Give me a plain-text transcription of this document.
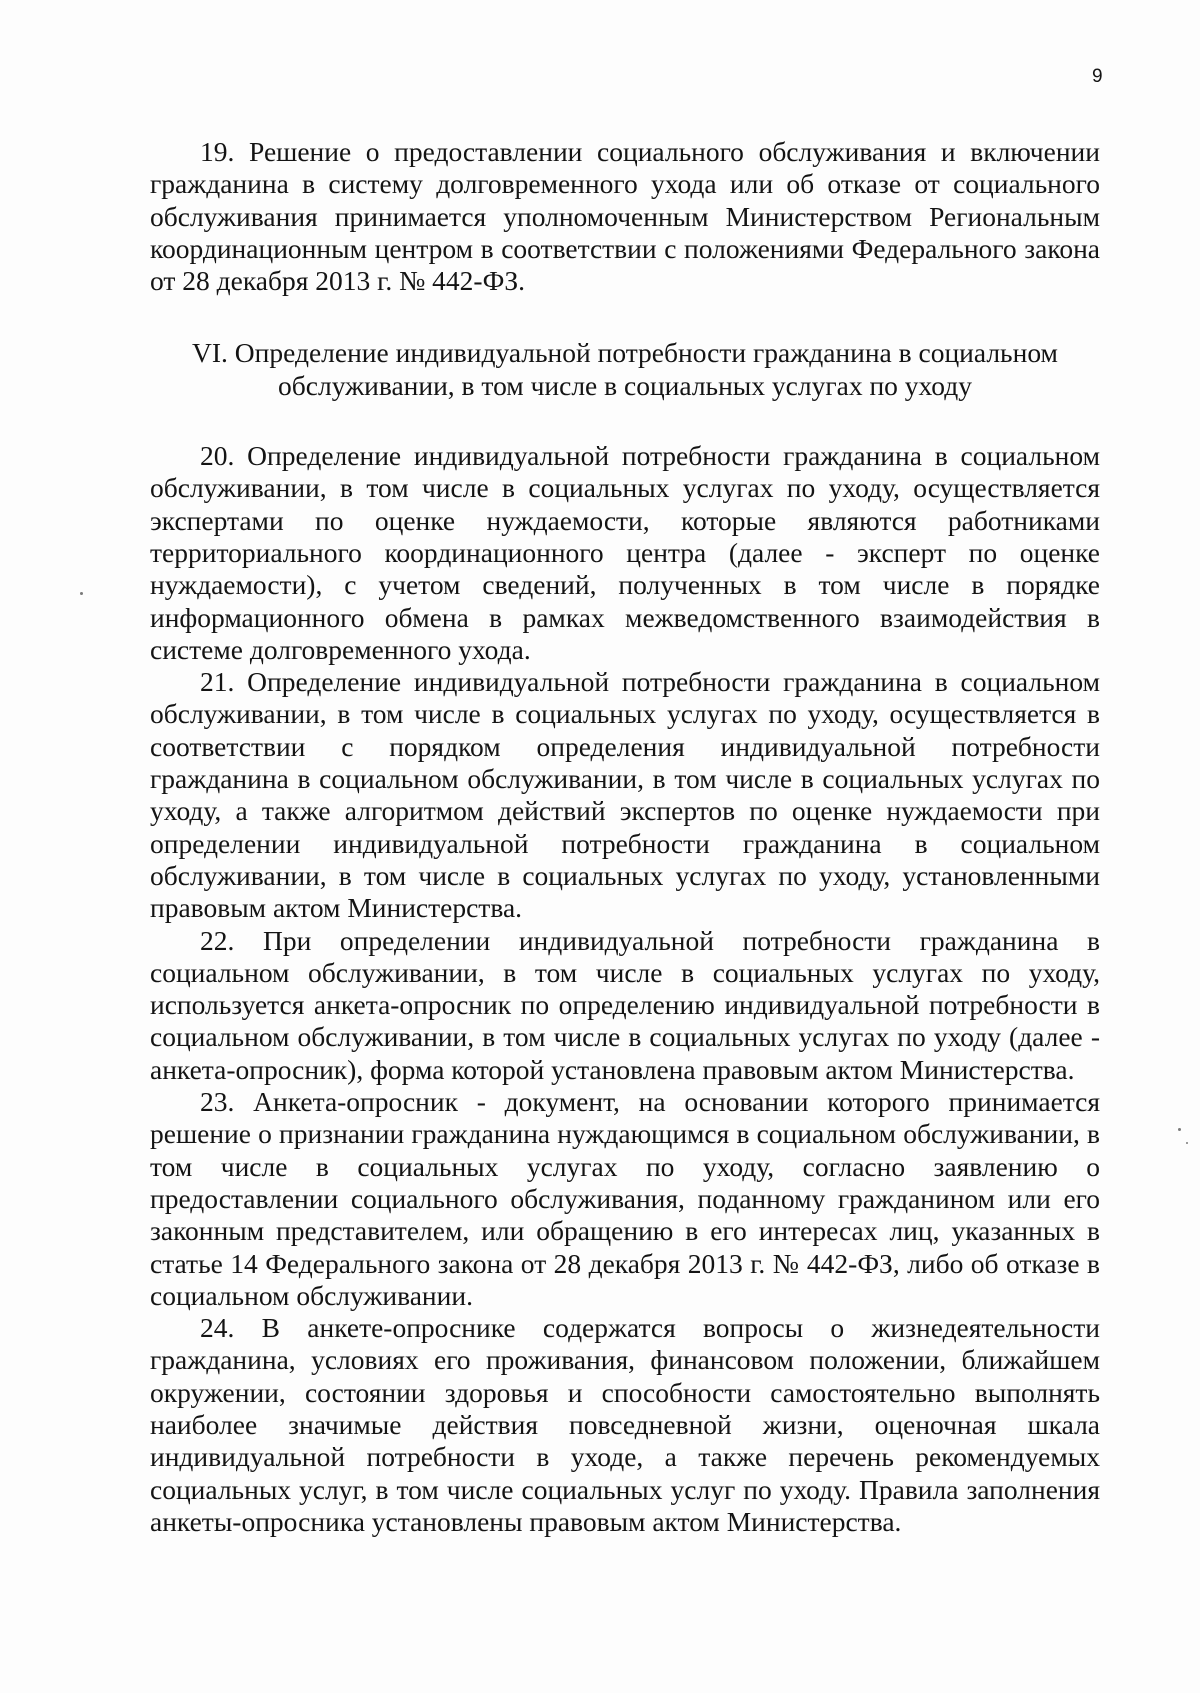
9

19. Решение о предоставлении социального обслуживания и включении гражданина в систему долговременного ухода или об отказе от социального обслуживания принимается уполномоченным Министерством Региональным координационным центром в соответствии с положениями Федерального закона от 28 декабря 2013 г. № 442-ФЗ.

VI. Определение индивидуальной потребности гражданина в социальном
обслуживании, в том числе в социальных услугах по уходу

20. Определение индивидуальной потребности гражданина в социальном обслуживании, в том числе в социальных услугах по уходу, осуществляется экспертами по оценке нуждаемости, которые являются работниками территориального координационного центра (далее - эксперт по оценке нуждаемости), с учетом сведений, полученных в том числе в порядке информационного обмена в рамках межведомственного взаимодействия в системе долговременного ухода.

21. Определение индивидуальной потребности гражданина в социальном обслуживании, в том числе в социальных услугах по уходу, осуществляется в соответствии с порядком определения индивидуальной потребности гражданина в социальном обслуживании, в том числе в социальных услугах по уходу, а также алгоритмом действий экспертов по оценке нуждаемости при определении индивидуальной потребности гражданина в социальном обслуживании, в том числе в социальных услугах по уходу, установленными правовым актом Министерства.

22. При определении индивидуальной потребности гражданина в социальном обслуживании, в том числе в социальных услугах по уходу, используется анкета-опросник по определению индивидуальной потребности в социальном обслуживании, в том числе в социальных услугах по уходу (далее - анкета-опросник), форма которой установлена правовым актом Министерства.

23. Анкета-опросник - документ, на основании которого принимается решение о признании гражданина нуждающимся в социальном обслуживании, в том числе в социальных услугах по уходу, согласно заявлению о предоставлении социального обслуживания, поданному гражданином или его законным представителем, или обращению в его интересах лиц, указанных в статье 14 Федерального закона от 28 декабря 2013 г. № 442-ФЗ, либо об отказе в социальном обслуживании.

24. В анкете-опроснике содержатся вопросы о жизнедеятельности гражданина, условиях его проживания, финансовом положении, ближайшем окружении, состоянии здоровья и способности самостоятельно выполнять наиболее значимые действия повседневной жизни, оценочная шкала индивидуальной потребности в уходе, а также перечень рекомендуемых социальных услуг, в том числе социальных услуг по уходу. Правила заполнения анкеты-опросника установлены правовым актом Министерства.
